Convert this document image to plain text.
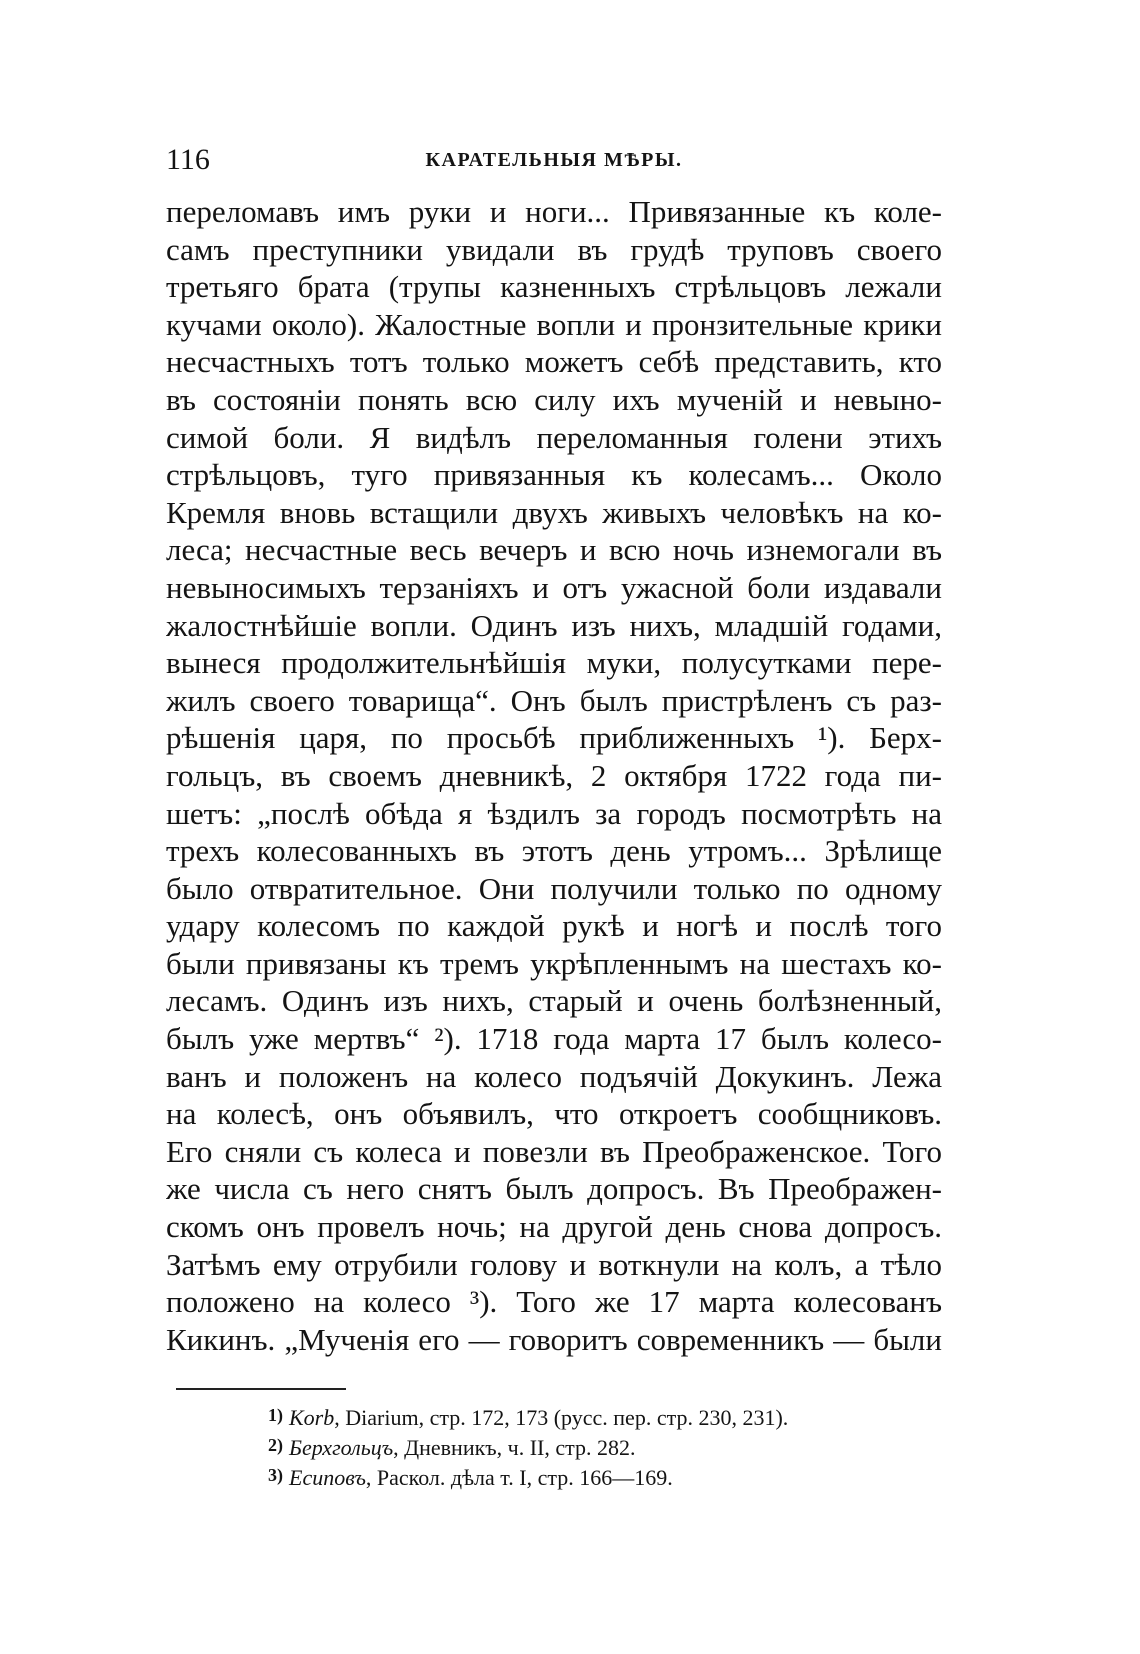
116	КАРАТЕЛЬНЫЯ МѢРЫ.
переломавъ имъ руки и ноги... Привязанные къ коле-
самъ преступники увидали въ грудѣ труповъ своего
третьяго брата (трупы казненныхъ стрѣльцовъ лежали
кучами около). Жалостные вопли и пронзительные крики
несчастныхъ тотъ только можетъ себѣ представить, кто
въ состояніи понять всю силу ихъ мученій и невыно-
симой боли. Я видѣлъ переломанныя голени этихъ
стрѣльцовъ, туго привязанныя къ колесамъ... Около
Кремля вновь встащили двухъ живыхъ человѣкъ на ко-
леса; несчастные весь вечеръ и всю ночь изнемогали въ
невыносимыхъ терзаніяхъ и отъ ужасной боли издавали
жалостнѣйшіе вопли. Одинъ изъ нихъ, младшій годами,
вынеся продолжительнѣйшія муки, полусутками пере-
жилъ своего товарища“. Онъ былъ пристрѣленъ съ раз-
рѣшенія царя, по просьбѣ приближенныхъ ¹). Берх-
гольцъ, въ своемъ дневникѣ, 2 октября 1722 года пи-
шетъ: „послѣ обѣда я ѣздилъ за городъ посмотрѣть на
трехъ колесованныхъ въ этотъ день утромъ... Зрѣлище
было отвратительное. Они получили только по одному
удару колесомъ по каждой рукѣ и ногѣ и послѣ того
были привязаны къ тремъ укрѣпленнымъ на шестахъ ко-
лесамъ. Одинъ изъ нихъ, старый и очень болѣзненный,
былъ уже мертвъ“ ²). 1718 года марта 17 былъ колесо-
ванъ и положенъ на колесо подъячій Докукинъ. Лежа
на колесѣ, онъ объявилъ, что откроетъ сообщниковъ.
Его сняли съ колеса и повезли въ Преображенское. Того
же числа съ него снятъ былъ допросъ. Въ Преображен-
скомъ онъ провелъ ночь; на другой день снова допросъ.
Затѣмъ ему отрубили голову и воткнули на колъ, а тѣло
положено на колесо ³). Того же 17 марта колесованъ
Кикинъ. „Мученія его — говоритъ современникъ — были
1) Korb, Diarium, стр. 172, 173 (русс. пер. стр. 230, 231).
2) Берхгольцъ, Дневникъ, ч. II, стр. 282.
3) Есиповъ, Раскол. дѣла т. I, стр. 166—169.
